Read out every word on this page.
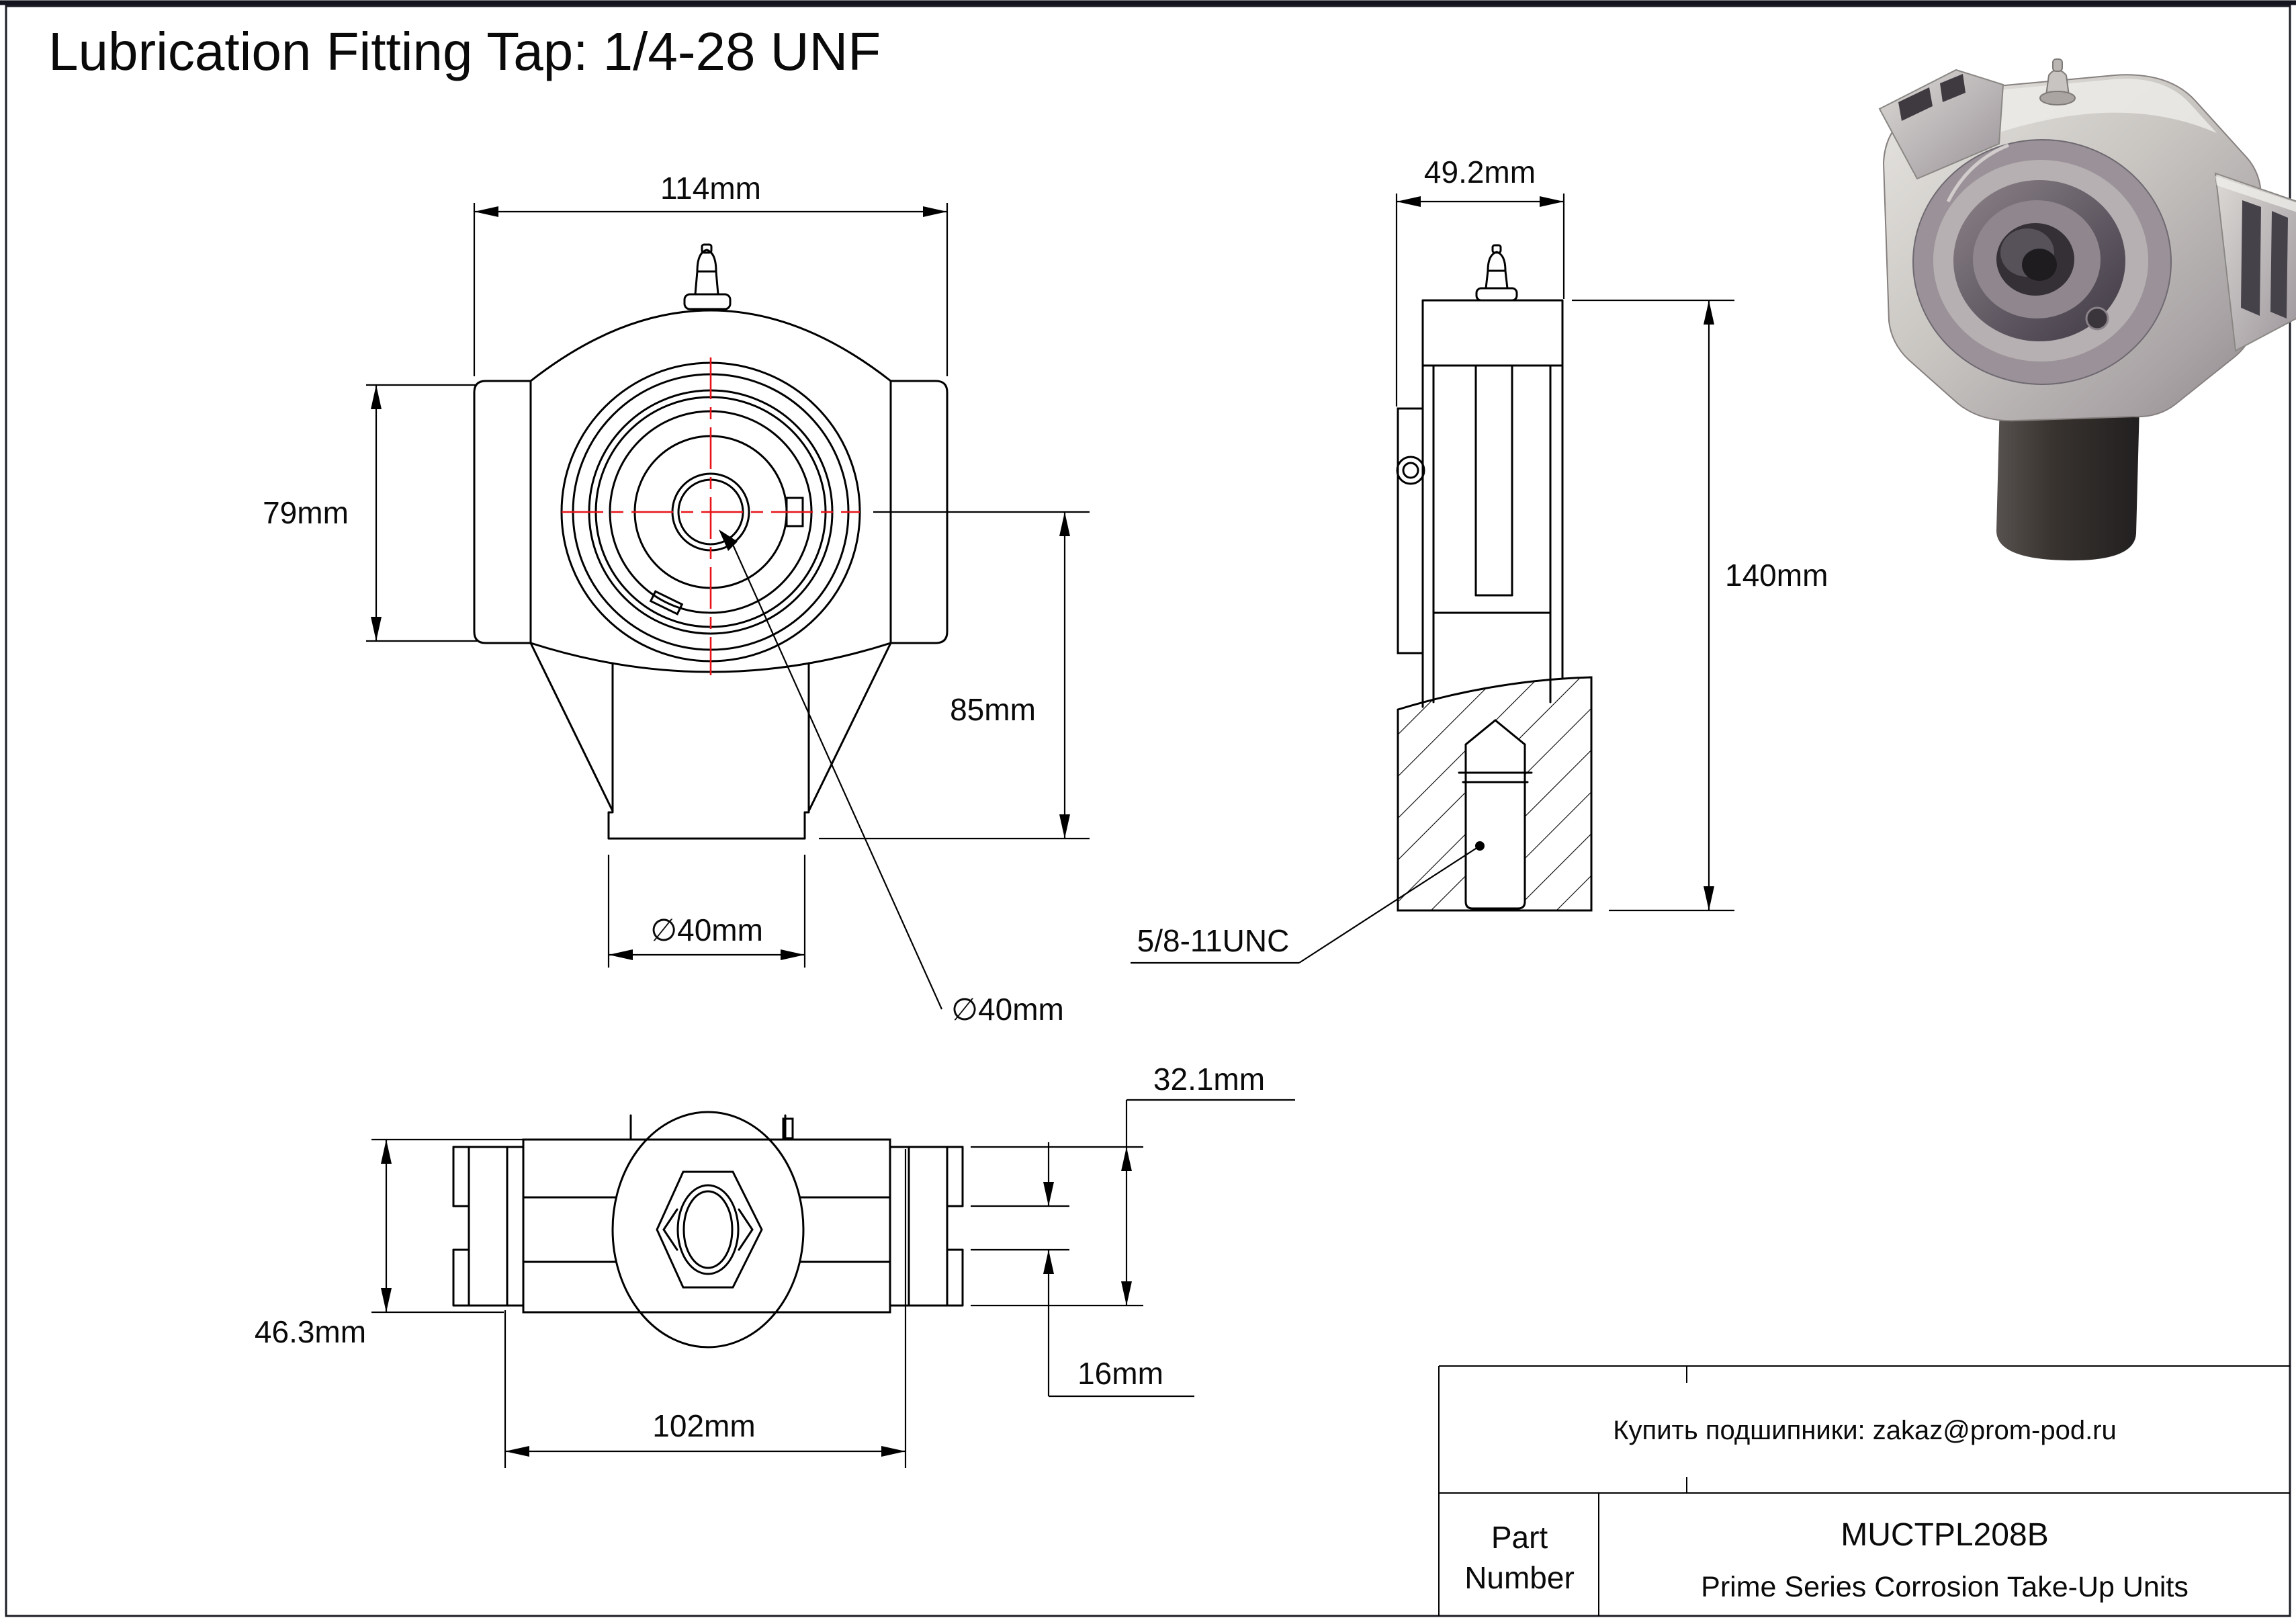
Lubrication Fitting Tap: 1/4-28 UNF
114mm
79mm
85mm
∅40mm
∅40mm
49.2mm
140mm
5/8-11UNC
46.3mm
102mm
32.1mm
16mm
Купить подшипники: zakaz@prom-pod.ru
Part
Number
MUCTPL208B
Prime Series Corrosion Take-Up Units
